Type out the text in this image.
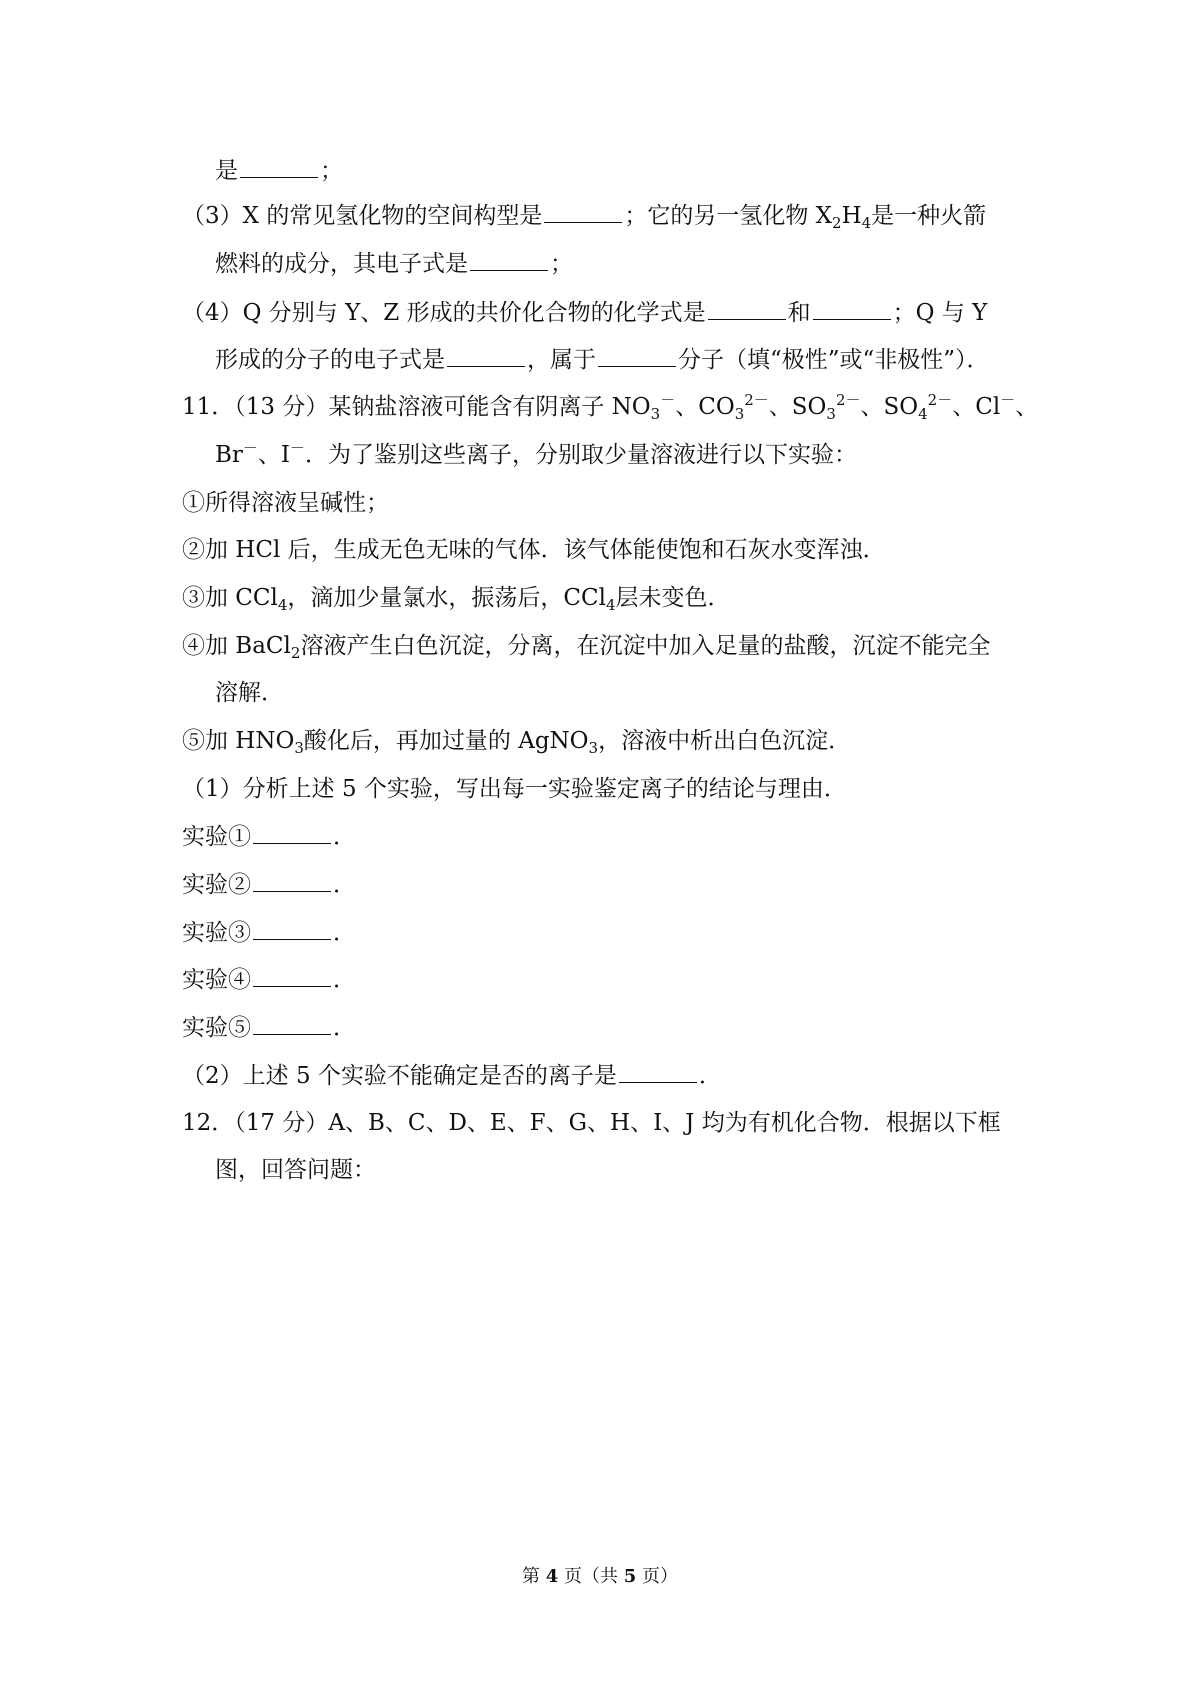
是	；
（3）X 的常见氢化物的空间构型是	；它的另一氢化物 $X_2H_4$是一种火箭
燃料的成分，其电子式是	；
（4）Q 分别与 Y、Z 形成的共价化合物的化学式是	和	；Q 与 Y
形成的分子的电子式是	，属于	分子（填“极性”或“非极性”）．
11．（13 分）某钠盐溶液可能含有阴离子 $NO_3^-$、$CO_3^{2-}$、$SO_3^{2-}$、$SO_4^{2-}$、Cl－、
Br－、I－．为了鉴别这些离子，分别取少量溶液进行以下实验：
①所得溶液呈碱性；
②加 HCl 后，生成无色无味的气体．该气体能使饱和石灰水变浑浊．
③加 CCl$_4$，滴加少量氯水，振荡后，CCl$_4$层未变色．
④加 BaCl$_2$溶液产生白色沉淀，分离，在沉淀中加入足量的盐酸，沉淀不能完全
溶解．
⑤加 $HNO_3$酸化后，再加过量的 AgNO$_3$，溶液中析出白色沉淀．
（1）分析上述 5 个实验，写出每一实验鉴定离子的结论与理由．
实验①	．
实验②	．
实验③	．
实验④	．
实验⑤	．
（2）上述 5 个实验不能确定是否的离子是	．
12．（17 分）A、B、C、D、E、F、G、H、I、J 均为有机化合物．根据以下框
图，回答问题：
第 4 页（共 5 页）
